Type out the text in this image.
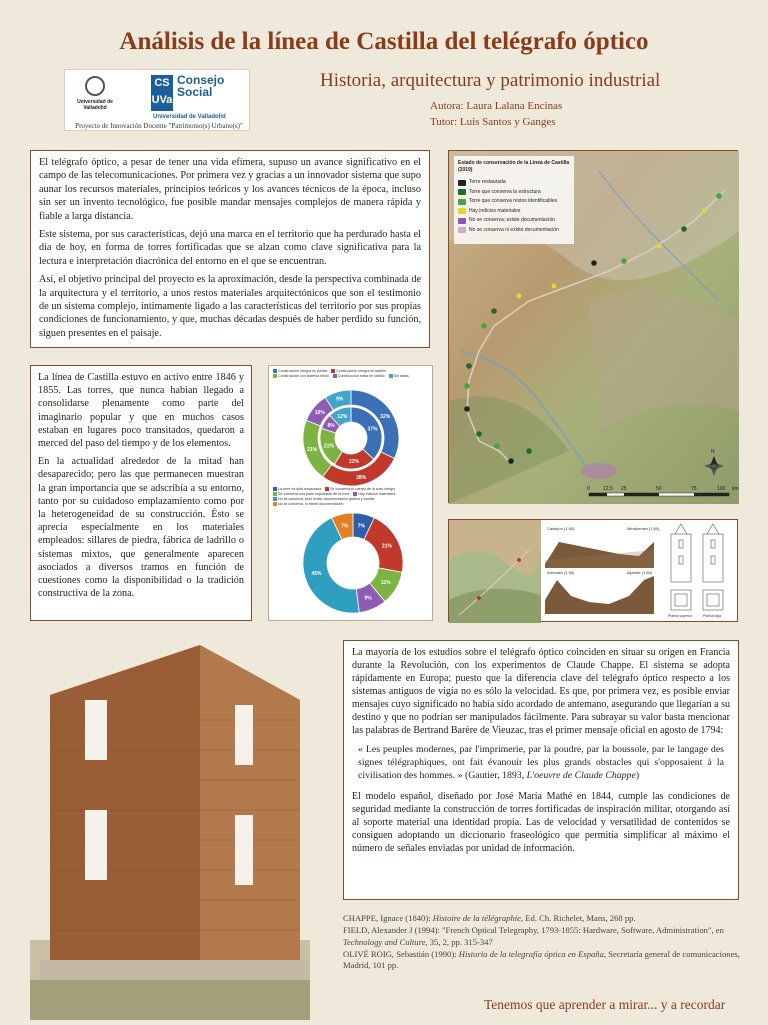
Análisis de la línea de Castilla del telégrafo óptico
Universidad de Valladolid
CS
UVa
Consejo
Social
Universidad de Valladolid
Proyecto de Innovación Docente "Patrimonio(s) Urbano(s)"
Historia, arquitectura y patrimonio industrial
Autora: Laura Lalana Encinas
Tutor: Luis Santos y Ganges

El telégrafo óptico, a pesar de tener una vida efímera, supuso un avance significativo en el campo de las telecomunicaciones. Por primera vez y gracias a un innovador sistema que supo aunar los recursos materiales, principios teóricos y los avances técnicos de la época, incluso sin ser un invento tecnológico, fue posible mandar mensajes complejos de manera rápida y fiable a larga distancia.

Este sistema, por sus características, dejó una marca en el territorio que ha perdurado hasta el día de hoy, en forma de torres fortificadas que se alzan como clave significativa para la lectura e interpretación diacrónica del entorno en el que se encuentran.

Así, el objetivo principal del proyecto es la aproximación, desde la perspectiva combinada de la arquitectura y el territorio, a unos restos materiales arquitectónicos que son el testimonio de un sistema complejo, íntimamente ligado a las características del territorio por sus propias condiciones de funcionamiento, y que, muchas décadas después de haber perdido su función, siguen presentes en el paisaje.

N
0	12,5 25	50	75	100 km
Estado de conservación de la Línea de Castilla (2019)
Torre restaurada
Torre que conserva la estructura
Torre que conserva restos identificables
Hay indicios materiales
No se conserva; existe documentación
No se conserva ni existe documentación

La línea de Castilla estuvo en activo entre 1846 y 1855. Las torres, que nunca habían llegado a consolidarse plenamente como parte del imaginario popular y que en muchos casos estaban en lugares poco transitados, quedaron a merced del paso del tiempo y de los elementos.

En la actualidad alrededor de la mitad han desaparecido; pero las que permanecen muestran la gran importancia que se adscribía a su entorno, tanto por su cuidadoso emplazamiento como por la heterogeneidad de su construcción. Ésto se aprecia especialmente en los materiales empleados: sillares de piedra, fábrica de ladrillo o sistemas mixtos, que generalmente aparecen asociados a diversos tramos en función de cuestiones como la disponibilidad o la tradición constructiva de la zona.

Construcción íntegra en piedra	Construcción íntegra en ladrilloConstrucción con sistema mixto	Construcción mixta en ladrillo	Sin datos
32%
28%
21%
10%
9%
37%
22%
21%
8%
12%
La torre ha sido restaurada	Se conserva el cuerpo de la torre íntegroSe conserva una parte importante de la torre	Hay indicios materialesNo se conserva, pero existe documentación gráfica y escritaNo se conserva, ni existe documentación
7%
21%
11%
9%
45%
7%	Castejón (1:50)	Mirafuentes (1:60)
Arenales (1:50)	Aljarafe (1:60)
Planta superior	Planta baja

La mayoría de los estudios sobre el telégrafo óptico coinciden en situar su origen en Francia durante la Revolución, con los experimentos de Claude Chappe. El sistema se adopta rápidamente en Europa; puesto que la diferencia clave del telégrafo óptico respecto a los sistemas antiguos de vigía no es sólo la velocidad. Es que, por primera vez, es posible enviar mensajes cuyo significado no había sido acordado de antemano, asegurando que llegarían a su destino y que no podrían ser manipulados fácilmente. Para subrayar su valor basta mencionar las palabras de Bertrand Barère de Vieuzac, tras el primer mensaje oficial en agosto de 1794:

« Les peuples modernes, par l'imprimerie, par la poudre, par la boussole, par le langage des signes télégraphiques, ont fait évanouir les plus grands obstacles qui s'opposaient à la civilisation des hommes. » (Gautier, 1893, L'oeuvre de Claude Chappe)

El modelo español, diseñado por José María Mathé en 1844, cumple las condiciones de seguridad mediante la construcción de torres fortificadas de inspiración militar, otorgando así al soporte material una identidad propia. Las de velocidad y versatilidad de contenidos se consiguen adoptando un diccionario fraseológico que permitía simplificar al máximo el número de señales enviadas por unidad de información.

CHAPPE, Ignace (1840): Histoire de la télégraphie, Ed. Ch. Richelet, Mans, 268 pp.

FIELD, Alexander J (1994): "French Optical Telegraphy, 1793-1855: Hardware, Software, Administration", en Technology and Culture, 35, 2, pp. 315-347

OLIVÉ ROIG, Sebastián (1990): Historia de la telegrafía óptica en España, Secretaría general de comunicaciones, Madrid, 101 pp.

Tenemos que aprender a mirar... y a recordar
